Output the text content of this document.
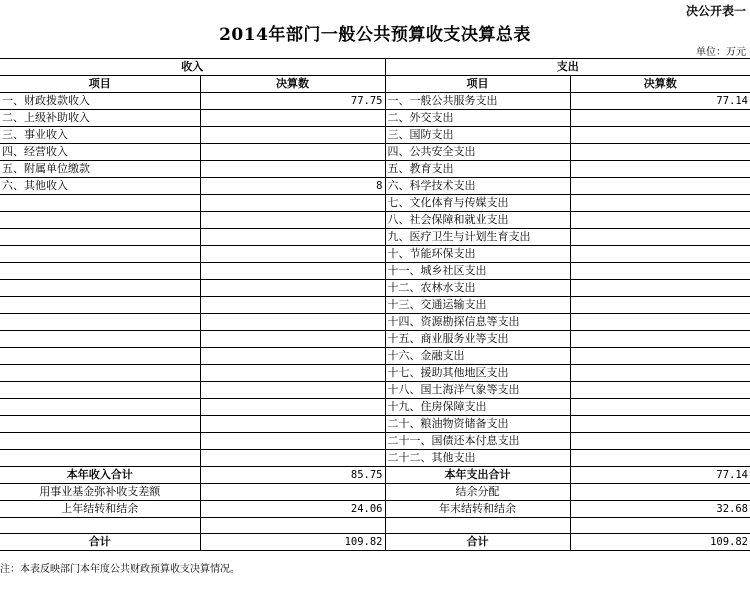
决公开表一
2014年部门一般公共预算收支决算总表
单位：万元
收入		支出	
项目	决算数	项目	决算数
一、财政拨款收入	77.75	一、一般公共服务支出	77.14
二、上级补助收入		二、外交支出	
三、事业收入		三、国防支出	
四、经营收入		四、公共安全支出	
五、附属单位缴款		五、教育支出	
六、其他收入	8	六、科学技术支出	
		七、文化体育与传媒支出	
		八、社会保障和就业支出	
		九、医疗卫生与计划生育支出	
		十、节能环保支出	
		十一、城乡社区支出	
		十二、农林水支出	
		十三、交通运输支出	
		十四、资源勘探信息等支出	
		十五、商业服务业等支出	
		十六、金融支出	
		十七、援助其他地区支出	
		十八、国土海洋气象等支出	
		十九、住房保障支出	
		二十、粮油物资储备支出	
		二十一、国债还本付息支出	
		二十二、其他支出	
本年收入合计	85.75	本年支出合计	77.14
用事业基金弥补收支差额		结余分配	
上年结转和结余	24.06	年末结转和结余	32.68

合计	109.82	合计	109.82
注：本表反映部门本年度公共财政预算收支决算情况。
